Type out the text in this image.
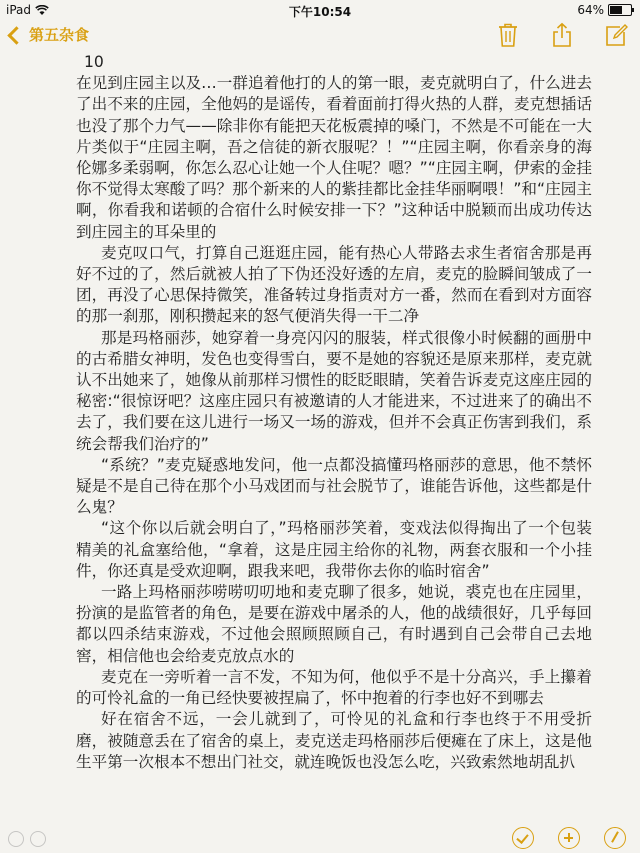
iPad	下午10:54	64%
第五杂食

10

在见到庄园主以及…一群追着他打的人的第一眼，麦克就明白了，什么进去了出不来的庄园，全他妈的是谣传，看着面前打得火热的人群，麦克想插话也没了那个力气——除非你有能把天花板震掉的嗓门，不然是不可能在一大片类似于“庄园主啊，吾之信徒的新衣服呢？！”“庄园主啊，你看亲身的海伦娜多柔弱啊，你怎么忍心让她一个人住呢？嗯？”“庄园主啊，伊索的金挂你不觉得太寒酸了吗？那个新来的人的紫挂都比金挂华丽啊喂！”和“庄园主啊，你看我和诺顿的合宿什么时候安排一下？”这种话中脱颖而出成功传达到庄园主的耳朵里的

麦克叹口气，打算自己逛逛庄园，能有热心人带路去求生者宿舍那是再好不过的了，然后就被人拍了下伪还没好透的左肩，麦克的脸瞬间皱成了一团，再没了心思保持微笑，准备转过身指责对方一番，然而在看到对方面容的那一刹那，刚积攒起来的怒气便消失得一干二净

那是玛格丽莎，她穿着一身亮闪闪的服装，样式很像小时候翻的画册中的古希腊女神明，发色也变得雪白，要不是她的容貌还是原来那样，麦克就认不出她来了，她像从前那样习惯性的眨眨眼睛，笑着告诉麦克这座庄园的秘密:“很惊讶吧？这座庄园只有被邀请的人才能进来，不过进来了的确出不去了，我们要在这儿进行一场又一场的游戏，但并不会真正伤害到我们，系统会帮我们治疗的”

“系统？”麦克疑惑地发问，他一点都没搞懂玛格丽莎的意思，他不禁怀疑是不是自己待在那个小马戏团而与社会脱节了，谁能告诉他，这些都是什么鬼？

“这个你以后就会明白了，”玛格丽莎笑着，变戏法似得掏出了一个包装精美的礼盒塞给他，“拿着，这是庄园主给你的礼物，两套衣服和一个小挂件，你还真是受欢迎啊，跟我来吧，我带你去你的临时宿舍”

一路上玛格丽莎唠唠叨叨地和麦克聊了很多，她说，裘克也在庄园里，扮演的是监管者的角色，是要在游戏中屠杀的人，他的战绩很好，几乎每回都以四杀结束游戏，不过他会照顾照顾自己，有时遇到自己会带自己去地窖，相信他也会给麦克放点水的

麦克在一旁听着一言不发，不知为何，他似乎不是十分高兴，手上攥着的可怜礼盒的一角已经快要被捏扁了，怀中抱着的行李也好不到哪去

好在宿舍不远，一会儿就到了，可怜见的礼盒和行李也终于不用受折磨，被随意丢在了宿舍的桌上，麦克送走玛格丽莎后便瘫在了床上，这是他生平第一次根本不想出门社交，就连晚饭也没怎么吃，兴致索然地胡乱扒
